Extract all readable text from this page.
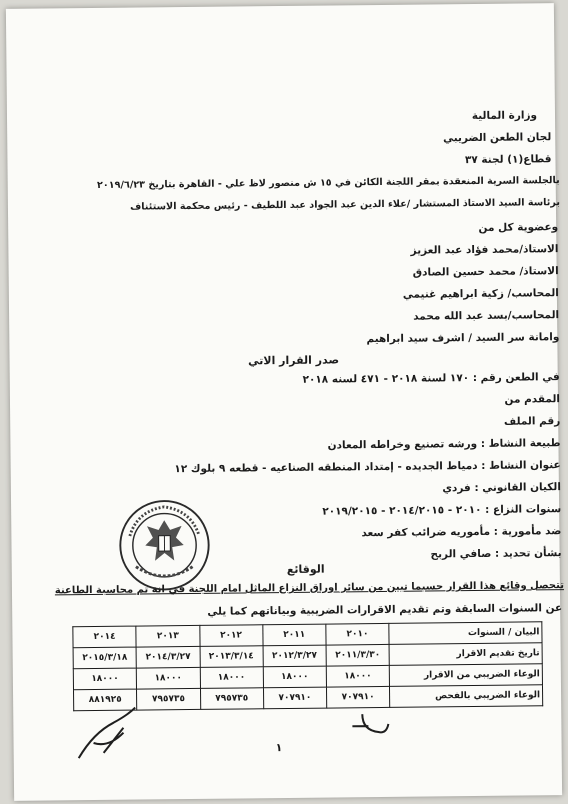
وزارة المالية
لجان الطعن الضريبي
قطاع(١) لجنة ٣٧
بالجلسة السرية المنعقدة بمقر اللجنة الكائن في ١٥ ش منصور لاظ علي - القاهرة بتاريخ ٢٠١٩/٦/٢٣
برئاسة السيد الاستاذ المستشار /علاء الدين عبد الجواد عبد اللطيف - رئيس محكمة الاستئناف
وعضوية كل من
الاستاذ/محمد فؤاد عبد العزيز
الاستاذ/ محمد حسين الصادق
المحاسب/ زكية ابراهيم غنيمي
المحاسب/بسد عبد الله محمد
وامانة سر السيد / اشرف سيد ابراهيم
صدر القرار الاتي
في الطعن رقم : ١٧٠ لسنة ٢٠١٨ - ٤٧١ لسنه ٢٠١٨
المقدم من
رقم الملف
طبيعة النشاط : ورشه تصنيع وخراطه المعادن
عنوان النشاط : دمياط الجديده - إمتداد المنطقه الصناعيه - قطعه ٩ بلوك ١٢
الكيان القانوني : فردي
سنوات النزاع : ٢٠١٠ - ٢٠١٤/٢٠١٥ - ٢٠١٩/٢٠١٥
ضد مأمورية : مأموريه ضرائب كفر سعد
بشأن تحديد : صافي الربح
الوقائع
تتحصل وقائع هذا القرار حسبما تبين من سائر اوراق النزاع الماثل امام اللجنة في انة تم محاسبة الطاعنة
عن السنوات السابقة وتم تقديم الاقرارات الضريبية وبياناتهم كما يلي
البيان / السنوات	٢٠١٠	٢٠١١	٢٠١٢	٢٠١٣	٢٠١٤
تاريخ تقديم الاقرار	٢٠١١/٣/٣٠	٢٠١٢/٣/٢٧	٢٠١٣/٣/١٤	٢٠١٤/٣/٢٧	٢٠١٥/٣/١٨
الوعاء الضريبي من الاقرار	١٨٠٠٠	١٨٠٠٠	١٨٠٠٠	١٨٠٠٠	١٨٠٠٠
الوعاء الضريبي بالفحص	٧٠٧٩١٠	٧٠٧٩١٠	٧٩٥٧٣٥	٧٩٥٧٣٥	٨٨١٩٢٥
١
